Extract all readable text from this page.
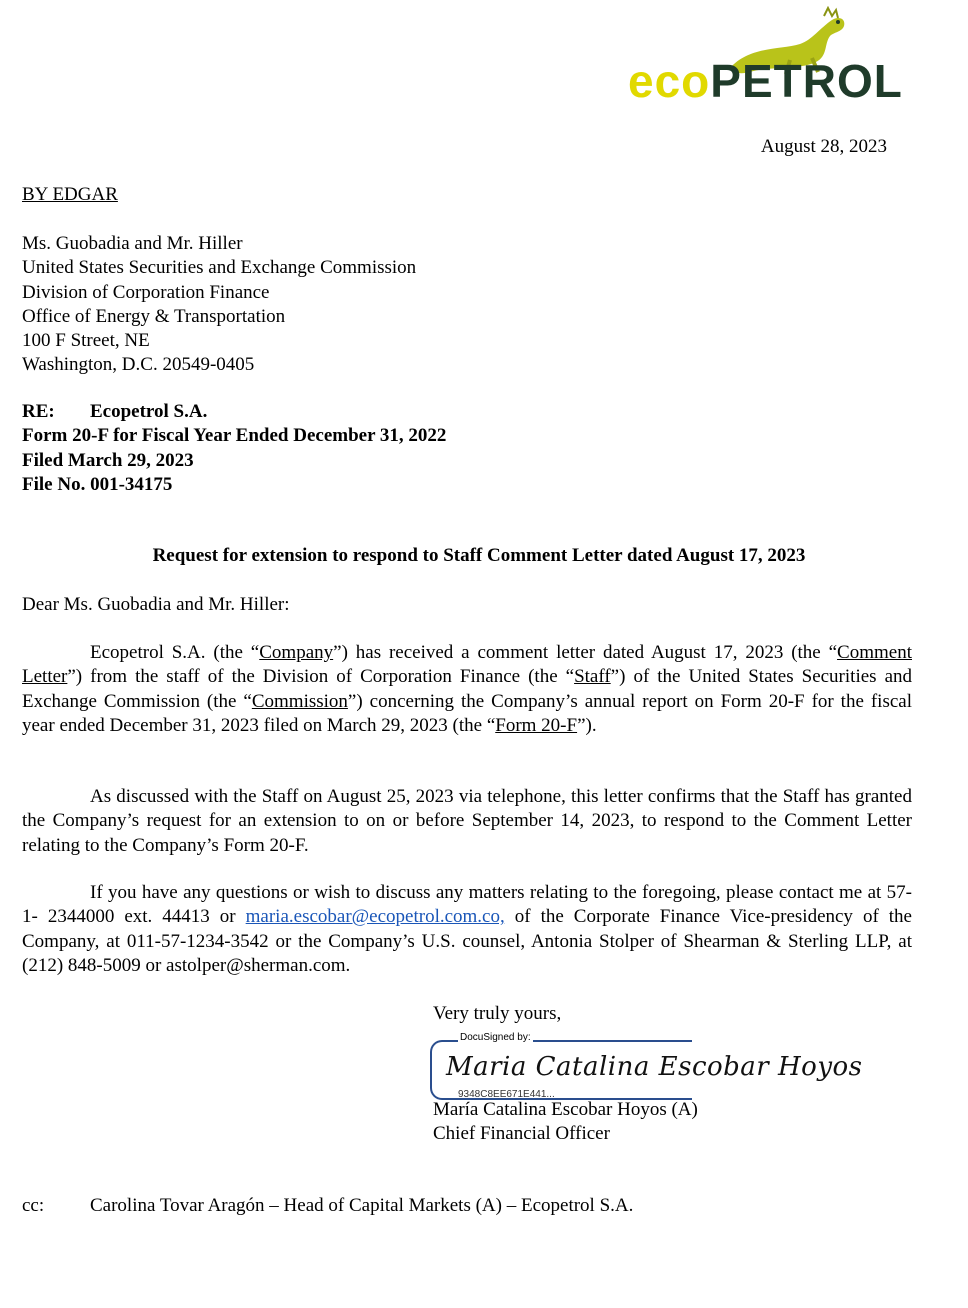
ecoPETROL
August 28, 2023
BY EDGAR
Ms. Guobadia and Mr. Hiller
United States Securities and Exchange Commission
Division of Corporation Finance
Office of Energy & Transportation
100 F Street, NE
Washington, D.C. 20549-0405
RE: Ecopetrol S.A.
Form 20-F for Fiscal Year Ended December 31, 2022
Filed March 29, 2023
File No. 001-34175
Request for extension to respond to Staff Comment Letter dated August 17, 2023
Dear Ms. Guobadia and Mr. Hiller:

Ecopetrol S.A. (the “Company”) has received a comment letter dated August 17, 2023 (the “Comment Letter”) from the staff of the Division of Corporation Finance (the “Staff”) of the United States Securities and Exchange Commission (the “Commission”) concerning the Company’s annual report on Form 20-F for the fiscal year ended December 31, 2023 filed on March 29, 2023 (the “Form 20-F”).

As discussed with the Staff on August 25, 2023 via telephone, this letter confirms that the Staff has granted the Company’s request for an extension to on or before September 14, 2023, to respond to the Comment Letter relating to the Company’s Form 20-F.

If you have any questions or wish to discuss any matters relating to the foregoing, please contact me at 57-1- 2344000 ext. 44413 or maria.escobar@ecopetrol.com.co, of the Corporate Finance Vice-presidency of the Company, at 011-57-1234-3542 or the Company’s U.S. counsel, Antonia Stolper of Shearman & Sterling LLP, at (212) 848-5009 or astolper@sherman.com.

Very truly yours,
DocuSigned by:
Maria Catalina Escobar Hoyos
9348C8EE671E441...
María Catalina Escobar Hoyos (A)
Chief Financial Officer
cc: Carolina Tovar Aragón – Head of Capital Markets (A) – Ecopetrol S.A.
